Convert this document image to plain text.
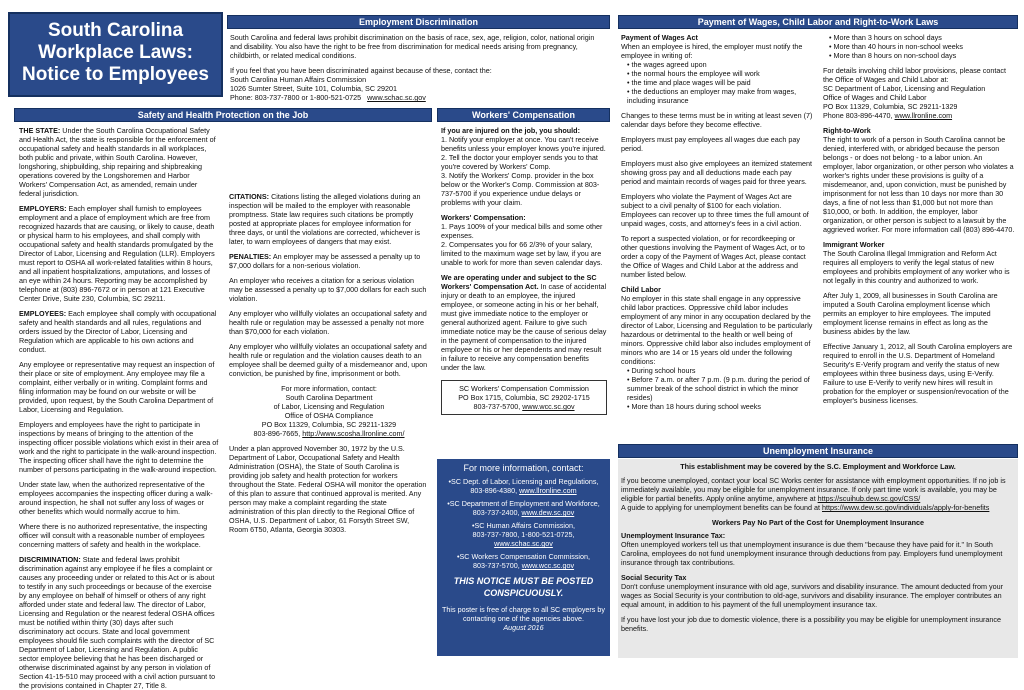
South Carolina
Workplace Laws:
Notice to Employees
Employment Discrimination

South Carolina and federal laws prohibit discrimination on the basis of race, sex, age, religion, color, national origin and disability. You also have the right to be free from discrimination for medical needs arising from pregnancy, childbirth, or related medical conditions.

If you feel that you have been discriminated against because of these, contact the:
South Carolina Human Affairs Commission
1026 Sumter Street, Suite 101, Columbia, SC 29201
Phone: 803-737-7800 or 1-800-521-0725 www.schac.sc.gov
Safety and Health Protection on the Job

THE STATE: Under the South Carolina Occupational Safety and Health Act, the state is responsible for the enforcement of occupational safety and health standards in all workplaces, both public and private, within South Carolina. However, longshoring, shipbuilding, ship repairing and shipbreaking operations covered by the Longshoremen and Harbor Workers' Compensation Act, as amended, remain under federal jurisdiction.

EMPLOYERS: Each employer shall furnish to employees employment and a place of employment which are free from recognized hazards that are causing, or likely to cause, death or physical harm to his employees, and shall comply with occupational safety and health standards promulgated by the Director of Labor, Licensing and Regulation (LLR). Employers must report to OSHA all work-related fatalities within 8 hours, and all inpatient hospitalizations, amputations, and losses of an eye within 24 hours. Reporting may be accomplished by telephone at (803) 896-7672 or in person at 121 Executive Center Drive, Suite 230, Columbia, SC 29211.

EMPLOYEES: Each employee shall comply with occupational safety and health standards and all rules, regulations and orders issued by the Director of Labor, Licensing and Regulation which are applicable to his own actions and conduct.

Any employee or representative may request an inspection of their place or site of employment. Any employee may file a complaint, either verbally or in writing. Complaint forms and filing information may be found on our website or will be provided, upon request, by the South Carolina Department of Labor, Licensing and Regulation.

Employers and employees have the right to participate in inspections by means of bringing to the attention of the inspecting officer possible violations which exist in their area of work and the right to participate in the walk-around inspection. The inspecting officer shall have the right to determine the number of persons participating in the walk-around inspection.

Under state law, when the authorized representative of the employees accompanies the inspecting officer during a walk-around inspection, he shall not suffer any loss of wages or other benefits which would normally accrue to him.

Where there is no authorized representative, the inspecting officer will consult with a reasonable number of employees concerning matters of safety and health in the workplace.

DISCRIMINATION: State and federal laws prohibit discrimination against any employee if he files a complaint or causes any proceeding under or related to this Act or is about to testify in any such proceedings or because of the exercise by any employee on behalf of himself or others of any right afforded under state and federal law. The director of Labor, Licensing and Regulation or the nearest federal OSHA offices must be notified within thirty (30) days after such discriminatory act occurs. State and local government employees should file such complaints with the director of SC Department of Labor, Licensing and Regulation. A public sector employee believing that he has been discharged or otherwise discriminated against by any person in violation of Section 41-15-510 may proceed with a civil action pursuant to the provisions contained in Chapter 27, Title 8.

CITATIONS: Citations listing the alleged violations during an inspection will be mailed to the employer with reasonable promptness. State law requires such citations be promptly posted at appropriate places for employee information for three days, or until the violations are corrected, whichever is later, to warn employees of dangers that may exist.

PENALTIES: An employer may be assessed a penalty up to $7,000 dollars for a non-serious violation.

An employer who receives a citation for a serious violation may be assessed a penalty up to $7,000 dollars for each such violation.

Any employer who willfully violates an occupational safety and health rule or regulation may be assessed a penalty not more than $70,000 for each violation.

Any employer who willfully violates an occupational safety and health rule or regulation and the violation causes death to an employee shall be deemed guilty of a misdemeanor and, upon conviction, be punished by fine, imprisonment or both.

For more information, contact:
South Carolina Department
of Labor, Licensing and Regulation
Office of OSHA Compliance
PO Box 11329, Columbia, SC 29211-1329
803-896-7665, http://www.scosha.llronline.com/

Under a plan approved November 30, 1972 by the U.S. Department of Labor, Occupational Safety and Health Administration (OSHA), the State of South Carolina is providing job safety and health protection for workers throughout the State. Federal OSHA will monitor the operation of this plan to assure that continued approval is merited. Any person may make a complaint regarding the state administration of this plan directly to the Regional Office of OSHA, U.S. Department of Labor, 61 Forsyth Street SW, Room 6T50, Atlanta, Georgia 30303.

Workers' Compensation
If you are injured on the job, you should:
1. Notify your employer at once. You can't receive benefits unless your employer knows you're injured.
2. Tell the doctor your employer sends you to that you're covered by Workers' Comp.

3. Notify the Workers' Comp. provider in the box below or the Worker's Comp. Commission at 803-737-5700 if you experience undue delays or problems with your claim.

Workers' Compensation:
1. Pays 100% of your medical bills and some other expenses.

2. Compensates you for 66 2/3% of your salary, limited to the maximum wage set by law, if you are unable to work for more than seven calendar days.

We are operating under and subject to the SC Workers' Compensation Act. In case of accidental injury or death to an employee, the injured employee, or someone acting in his or her behalf, must give immediate notice to the employer or general authorized agent. Failure to give such immediate notice may be the cause of serious delay in the payment of compensation to the injured employee or his or her dependents and may result in failure to receive any compensation benefits under the law.

SC Workers' Compensation Commission
PO Box 1715, Columbia, SC 29202-1715
803-737-5700, www.wcc.sc.gov
For more information, contact:
•SC Dept. of Labor, Licensing and Regulations,
803-896-4380, www.llronline.com
•SC Department of Employment and Workforce,
803-737-2400, www.dew.sc.gov
•SC Human Affairs Commission,
803-737-7800, 1-800-521-0725,
www.schac.sc.gov
•SC Workers Compensation Commission,
803-737-5700, www.wcc.sc.gov
THIS NOTICE MUST BE POSTED
CONSPICUOUSLY.
This poster is free of charge to all SC employers by contacting one of the agencies above.
August 2016
Payment of Wages, Child Labor and Right-to-Work Laws
Payment of Wages Act
When an employee is hired, the employer must notify the employee in writing of:
• the wages agreed upon
• the normal hours the employee will work
• the time and place wages will be paid
• the deductions an employer may make from wages, including insurance

Changes to these terms must be in writing at least seven (7) calendar days before they become effective.

Employers must pay employees all wages due each pay period.

Employers must also give employees an itemized statement showing gross pay and all deductions made each pay period and maintain records of wages paid for three years.

Employers who violate the Payment of Wages Act are subject to a civil penalty of $100 for each violation. Employees can recover up to three times the full amount of unpaid wages, costs, and attorney's fees in a civil action.

To report a suspected violation, or for recordkeeping or other questions involving the Payment of Wages Act, or to order a copy of the Payment of Wages Act, please contact the Office of Wages and Child Labor at the address and number listed below.

Child Labor
No employer in this state shall engage in any oppressive child labor practices. Oppressive child labor includes employment of any minor in any occupation declared by the director of Labor, Licensing and Regulation to be particularly hazardous or detrimental to the health or well being of minors. Oppressive child labor also includes employment of minors who are 14 or 15 years old under the following conditions:
• During school hours
• Before 7 a.m. or after 7 p.m. (9 p.m. during the period of summer break of the school district in which the minor resides)
• More than 18 hours during school weeks
• More than 3 hours on school days
• More than 40 hours in non-school weeks
• More than 8 hours on non-school days
For details involving child labor provisions, please contact the Office of Wages and Child Labor at:
SC Department of Labor, Licensing and Regulation
Office of Wages and Child Labor
PO Box 11329, Columbia, SC 29211-1329

Phone 803-896-4470, www.llronline.com

Right-to-Work

The right to work of a person in South Carolina cannot be denied, interfered with, or abridged because the person belongs - or does not belong - to a labor union. An employer, labor organization, or other person who violates a worker's rights under these provisions is guilty of a misdemeanor, and, upon conviction, must be punished by imprisonment for not less than 10 days nor more than 30 days, a fine of not less than $1,000 but not more than $10,000, or both. In addition, the employer, labor organization, or other person is subject to a lawsuit by the aggrieved worker. For more information call (803) 896-4470.

Immigrant Worker

The South Carolina Illegal Immigration and Reform Act requires all employers to verify the legal status of new employees and prohibits employment of any worker who is not legally in this country and authorized to work.

After July 1, 2009, all businesses in South Carolina are imputed a South Carolina employment license which permits an employer to hire employees. The imputed employment license remains in effect as long as the business abides by the law.

Effective January 1, 2012, all South Carolina employers are required to enroll in the U.S. Department of Homeland Security's E-Verify program and verify the status of new employees within three business days, using E-Verify. Failure to use E-Verify to verify new hires will result in probation for the employer or suspension/revocation of the employer's business licenses.

Unemployment Insurance
This establishment may be covered by the S.C. Employment and Workforce Law.
If you become unemployed, contact your local SC Works center for assistance with employment opportunities. If no job is immediately available, you may be eligible for unemployment insurance. If only part time work is available, you may be eligible for partial benefits. Apply online anytime, anywhere at https://scuihub.dew.sc.gov/CSS/

A guide to applying for unemployment benefits can be found at https://www.dew.sc.gov/individuals/apply-for-benefits

Workers Pay No Part of the Cost for Unemployment Insurance
Unemployment Insurance Tax:

Often unemployed workers tell us that unemployment insurance is due them "because they have paid for it." In South Carolina, employees do not fund unemployment insurance through deductions from pay. Employers fund unemployment insurance through tax contributions.

Social Security Tax

Don't confuse unemployment insurance with old age, survivors and disability insurance. The amount deducted from your wages as Social Security is your contribution to old-age, survivors and disability insurance. The employer contributes an equal amount, in addition to his payment of the full unemployment insurance tax.

If you have lost your job due to domestic violence, there is a possibility you may be eligible for unemployment insurance benefits.
